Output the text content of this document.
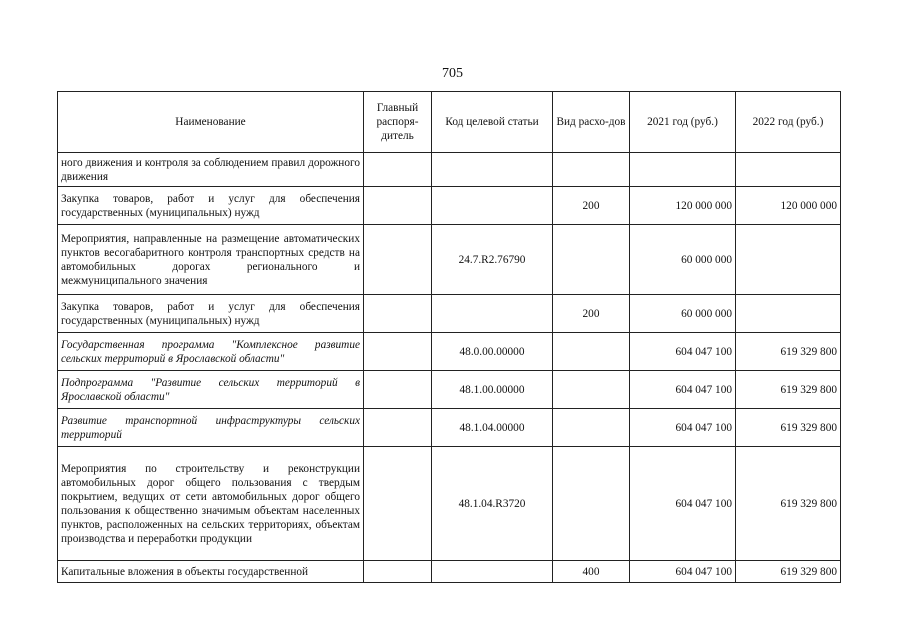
705
Наименование	Главный распоря-дитель	Код целевой статьи	Вид расхо-дов	2021 год (руб.)	2022 год (руб.)
ного движения и контроля за соблюдением правил дорожного движения					
Закупка товаров, работ и услуг для обеспечения государственных (муниципальных) нужд			200	120 000 000	120 000 000
Мероприятия, направленные на размещение автоматических пунктов весогабаритного контроля транспортных средств на автомобильных дорогах регионального и межмуниципального значения		24.7.R2.76790		60 000 000	
Закупка товаров, работ и услуг для обеспечения государственных (муниципальных) нужд			200	60 000 000	
Государственная программа "Комплексное развитие сельских территорий в Ярославской области"		48.0.00.00000		604 047 100	619 329 800
Подпрограмма "Развитие сельских территорий в Ярославской области"		48.1.00.00000		604 047 100	619 329 800
Развитие транспортной инфраструктуры сельских территорий		48.1.04.00000		604 047 100	619 329 800
Мероприятия по строительству и реконструкции автомобильных дорог общего пользования с твердым покрытием, ведущих от сети автомобильных дорог общего пользования к общественно значимым объектам населенных пунктов, расположенных на сельских территориях, объектам производства и переработки продукции		48.1.04.R3720		604 047 100	619 329 800
Капитальные вложения в объекты государственной			400	604 047 100	619 329 800
